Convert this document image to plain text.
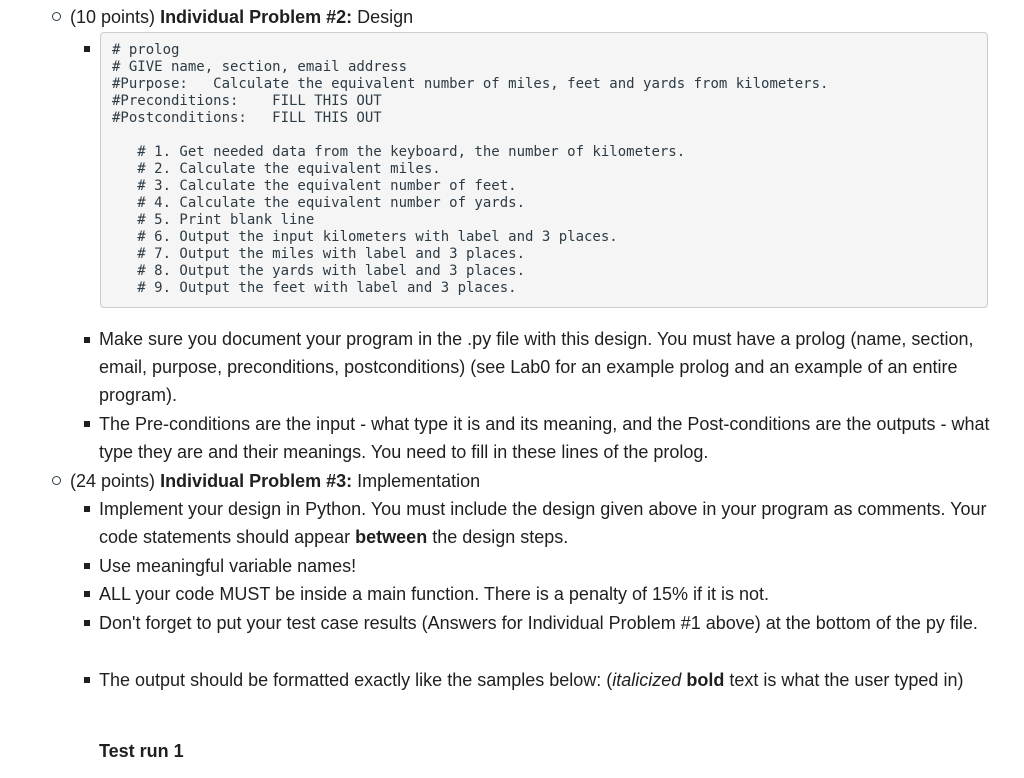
(10 points)
Individual Problem #2:
Design
# prolog
# GIVE name, section, email address
#Purpose:   Calculate the equivalent number of miles, feet and yards from kilometers.
#Preconditions:    FILL THIS OUT
#Postconditions:   FILL THIS OUT
# 1. Get needed data from the keyboard, the number of kilometers.
# 2. Calculate the equivalent miles.
# 3. Calculate the equivalent number of feet.
# 4. Calculate the equivalent number of yards.
# 5. Print blank line
# 6. Output the input kilometers with label and 3 places.
# 7. Output the miles with label and 3 places.
# 8. Output the yards with label and 3 places.
# 9. Output the feet with label and 3 places.
Make sure you document your program in the .py file with this design. You must have a prolog (name, section, email, purpose, preconditions, postconditions) (see Lab0 for an example prolog and an example of an entire program).
The Pre-conditions are the input - what type it is and its meaning, and the Post-conditions are the outputs - what type they are and their meanings. You need to fill in these lines of the prolog.
(24 points)
Individual Problem #3:
Implementation
Implement your design in Python. You must include the design given above in your program as comments. Your code statements should appear between the design steps.
Use meaningful variable names!
ALL your code MUST be inside a main function. There is a penalty of 15% if it is not.
Don't forget to put your test case results (Answers for Individual Problem #1 above) at the bottom of the py file.
The output should be formatted exactly like the samples below: (italicized bold text is what the user typed in)
Test run 1
